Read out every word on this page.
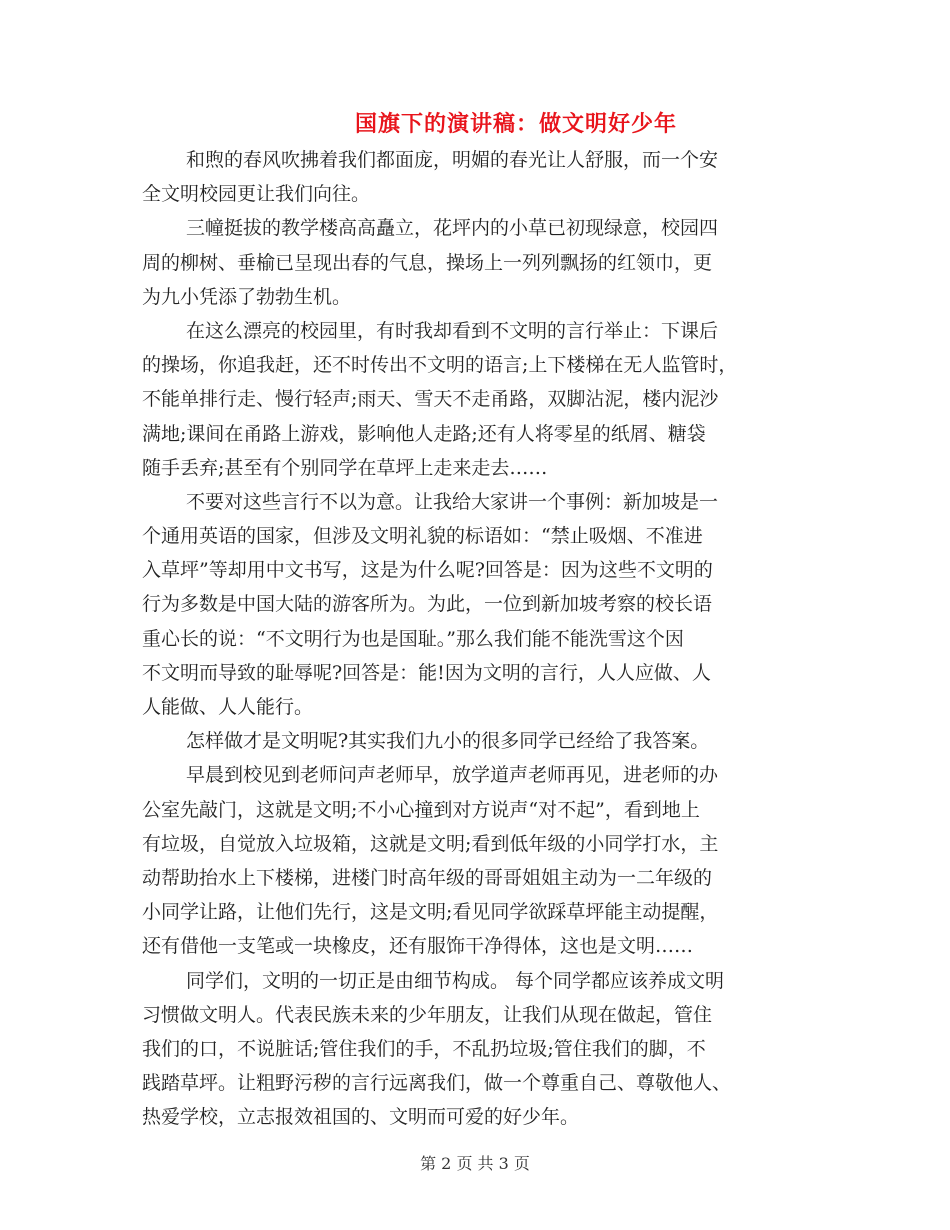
国旗下的演讲稿：做文明好少年
和煦的春风吹拂着我们都面庞，明媚的春光让人舒服，而一个安
全文明校园更让我们向往。
三幢挺拔的教学楼高高矗立，花坪内的小草已初现绿意，校园四
周的柳树、垂榆已呈现出春的气息，操场上一列列飘扬的红领巾，更
为九小凭添了勃勃生机。
在这么漂亮的校园里，有时我却看到不文明的言行举止：下课后
的操场，你追我赶，还不时传出不文明的语言;上下楼梯在无人监管时，
不能单排行走、慢行轻声;雨天、雪天不走甬路，双脚沾泥，楼内泥沙
满地;课间在甬路上游戏，影响他人走路;还有人将零星的纸屑、糖袋
随手丢弃;甚至有个别同学在草坪上走来走去……
不要对这些言行不以为意。让我给大家讲一个事例：新加坡是一
个通用英语的国家，但涉及文明礼貌的标语如：“禁止吸烟、不准进
入草坪”等却用中文书写，这是为什么呢?回答是：因为这些不文明的
行为多数是中国大陆的游客所为。为此，一位到新加坡考察的校长语
重心长的说：“不文明行为也是国耻。”那么我们能不能洗雪这个因
不文明而导致的耻辱呢?回答是：能!因为文明的言行，人人应做、人
人能做、人人能行。
怎样做才是文明呢?其实我们九小的很多同学已经给了我答案。
早晨到校见到老师问声老师早，放学道声老师再见，进老师的办
公室先敲门，这就是文明;不小心撞到对方说声“对不起”，看到地上
有垃圾，自觉放入垃圾箱，这就是文明;看到低年级的小同学打水，主
动帮助抬水上下楼梯，进楼门时高年级的哥哥姐姐主动为一二年级的
小同学让路，让他们先行，这是文明;看见同学欲踩草坪能主动提醒，
还有借他一支笔或一块橡皮，还有服饰干净得体，这也是文明……
同学们，文明的一切正是由细节构成。 每个同学都应该养成文明
习惯做文明人。代表民族未来的少年朋友，让我们从现在做起，管住
我们的口，不说脏话;管住我们的手，不乱扔垃圾;管住我们的脚，不
践踏草坪。让粗野污秽的言行远离我们，做一个尊重自己、尊敬他人、
热爱学校，立志报效祖国的、文明而可爱的好少年。
第 2 页 共 3 页
